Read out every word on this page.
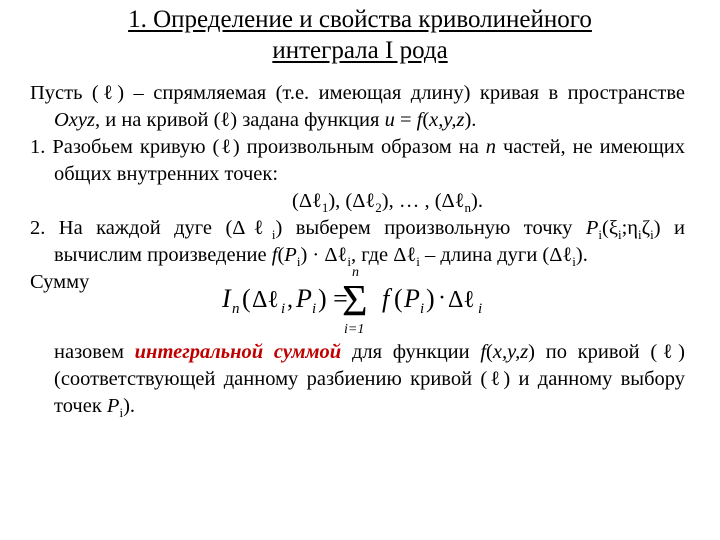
1. Определение и свойства криволинейного
интеграла I рода

Пусть (ℓ) – спрямляемая (т.е. имеющая длину) кривая в пространстве Oxyz, и на кривой (ℓ) задана функция u = f(x,y,z).

1. Разобьем кривую (ℓ) произвольным образом на n частей, не имеющих общих внутренних точек:

(Δℓ$_1$), (Δℓ$_2$), … , (Δℓ$_n$).

2. На каждой дуге (Δℓ$_i$) выберем произвольную точку $P_i(\xi_i;\eta_i\zeta_i)$ и вычислим произведение $f(P_i)$ · Δℓ$_i$, где Δℓ$_i$ – длина дуги (Δℓ$_i$).

Сумму
I n ( Δℓ i , P i ) =
n
Σ
i=1
f ( P i ) · Δℓ i

назовем интегральной суммой для функции f(x,y,z) по кривой (ℓ) (соответствующей данному разбиению кривой (ℓ) и данному выбору точек $P_i$).
